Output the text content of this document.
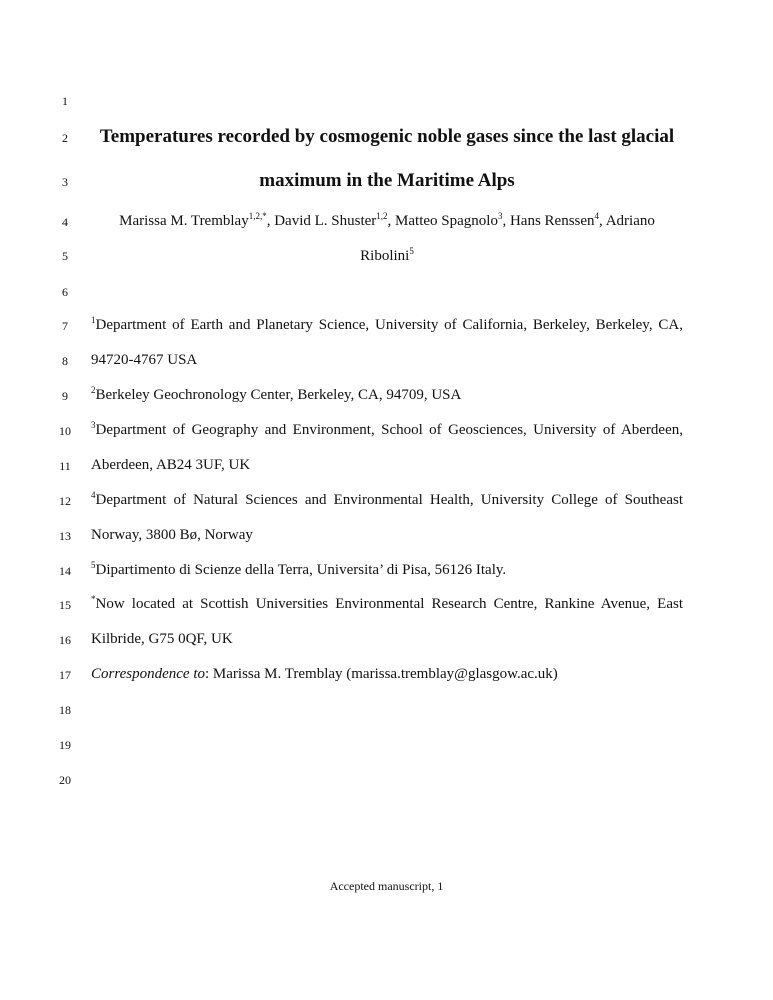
1
2
3
4
5
6
7
8
9
10
11
12
13
14
15
16
17
18
19
20
Temperatures recorded by cosmogenic noble gases since the last glacial
maximum in the Maritime Alps
Marissa M. Tremblay$^{1,2,*}$, David L. Shuster$^{1,2}$, Matteo Spagnolo$^3$, Hans Renssen$^4$, Adriano
Ribolini$^5$
$^1$Department of Earth and Planetary Science, University of California, Berkeley, Berkeley, CA,
94720-4767 USA
$^2$Berkeley Geochronology Center, Berkeley, CA, 94709, USA
$^3$Department of Geography and Environment, School of Geosciences, University of Aberdeen,
Aberdeen, AB24 3UF, UK
$^4$Department of Natural Sciences and Environmental Health, University College of Southeast
Norway, 3800 Bø, Norway
$^5$Dipartimento di Scienze della Terra, Universita’ di Pisa, 56126 Italy.
*Now located at Scottish Universities Environmental Research Centre, Rankine Avenue, East
Kilbride, G75 0QF, UK
Correspondence to: Marissa M. Tremblay (marissa.tremblay@glasgow.ac.uk)
Accepted manuscript, 1
